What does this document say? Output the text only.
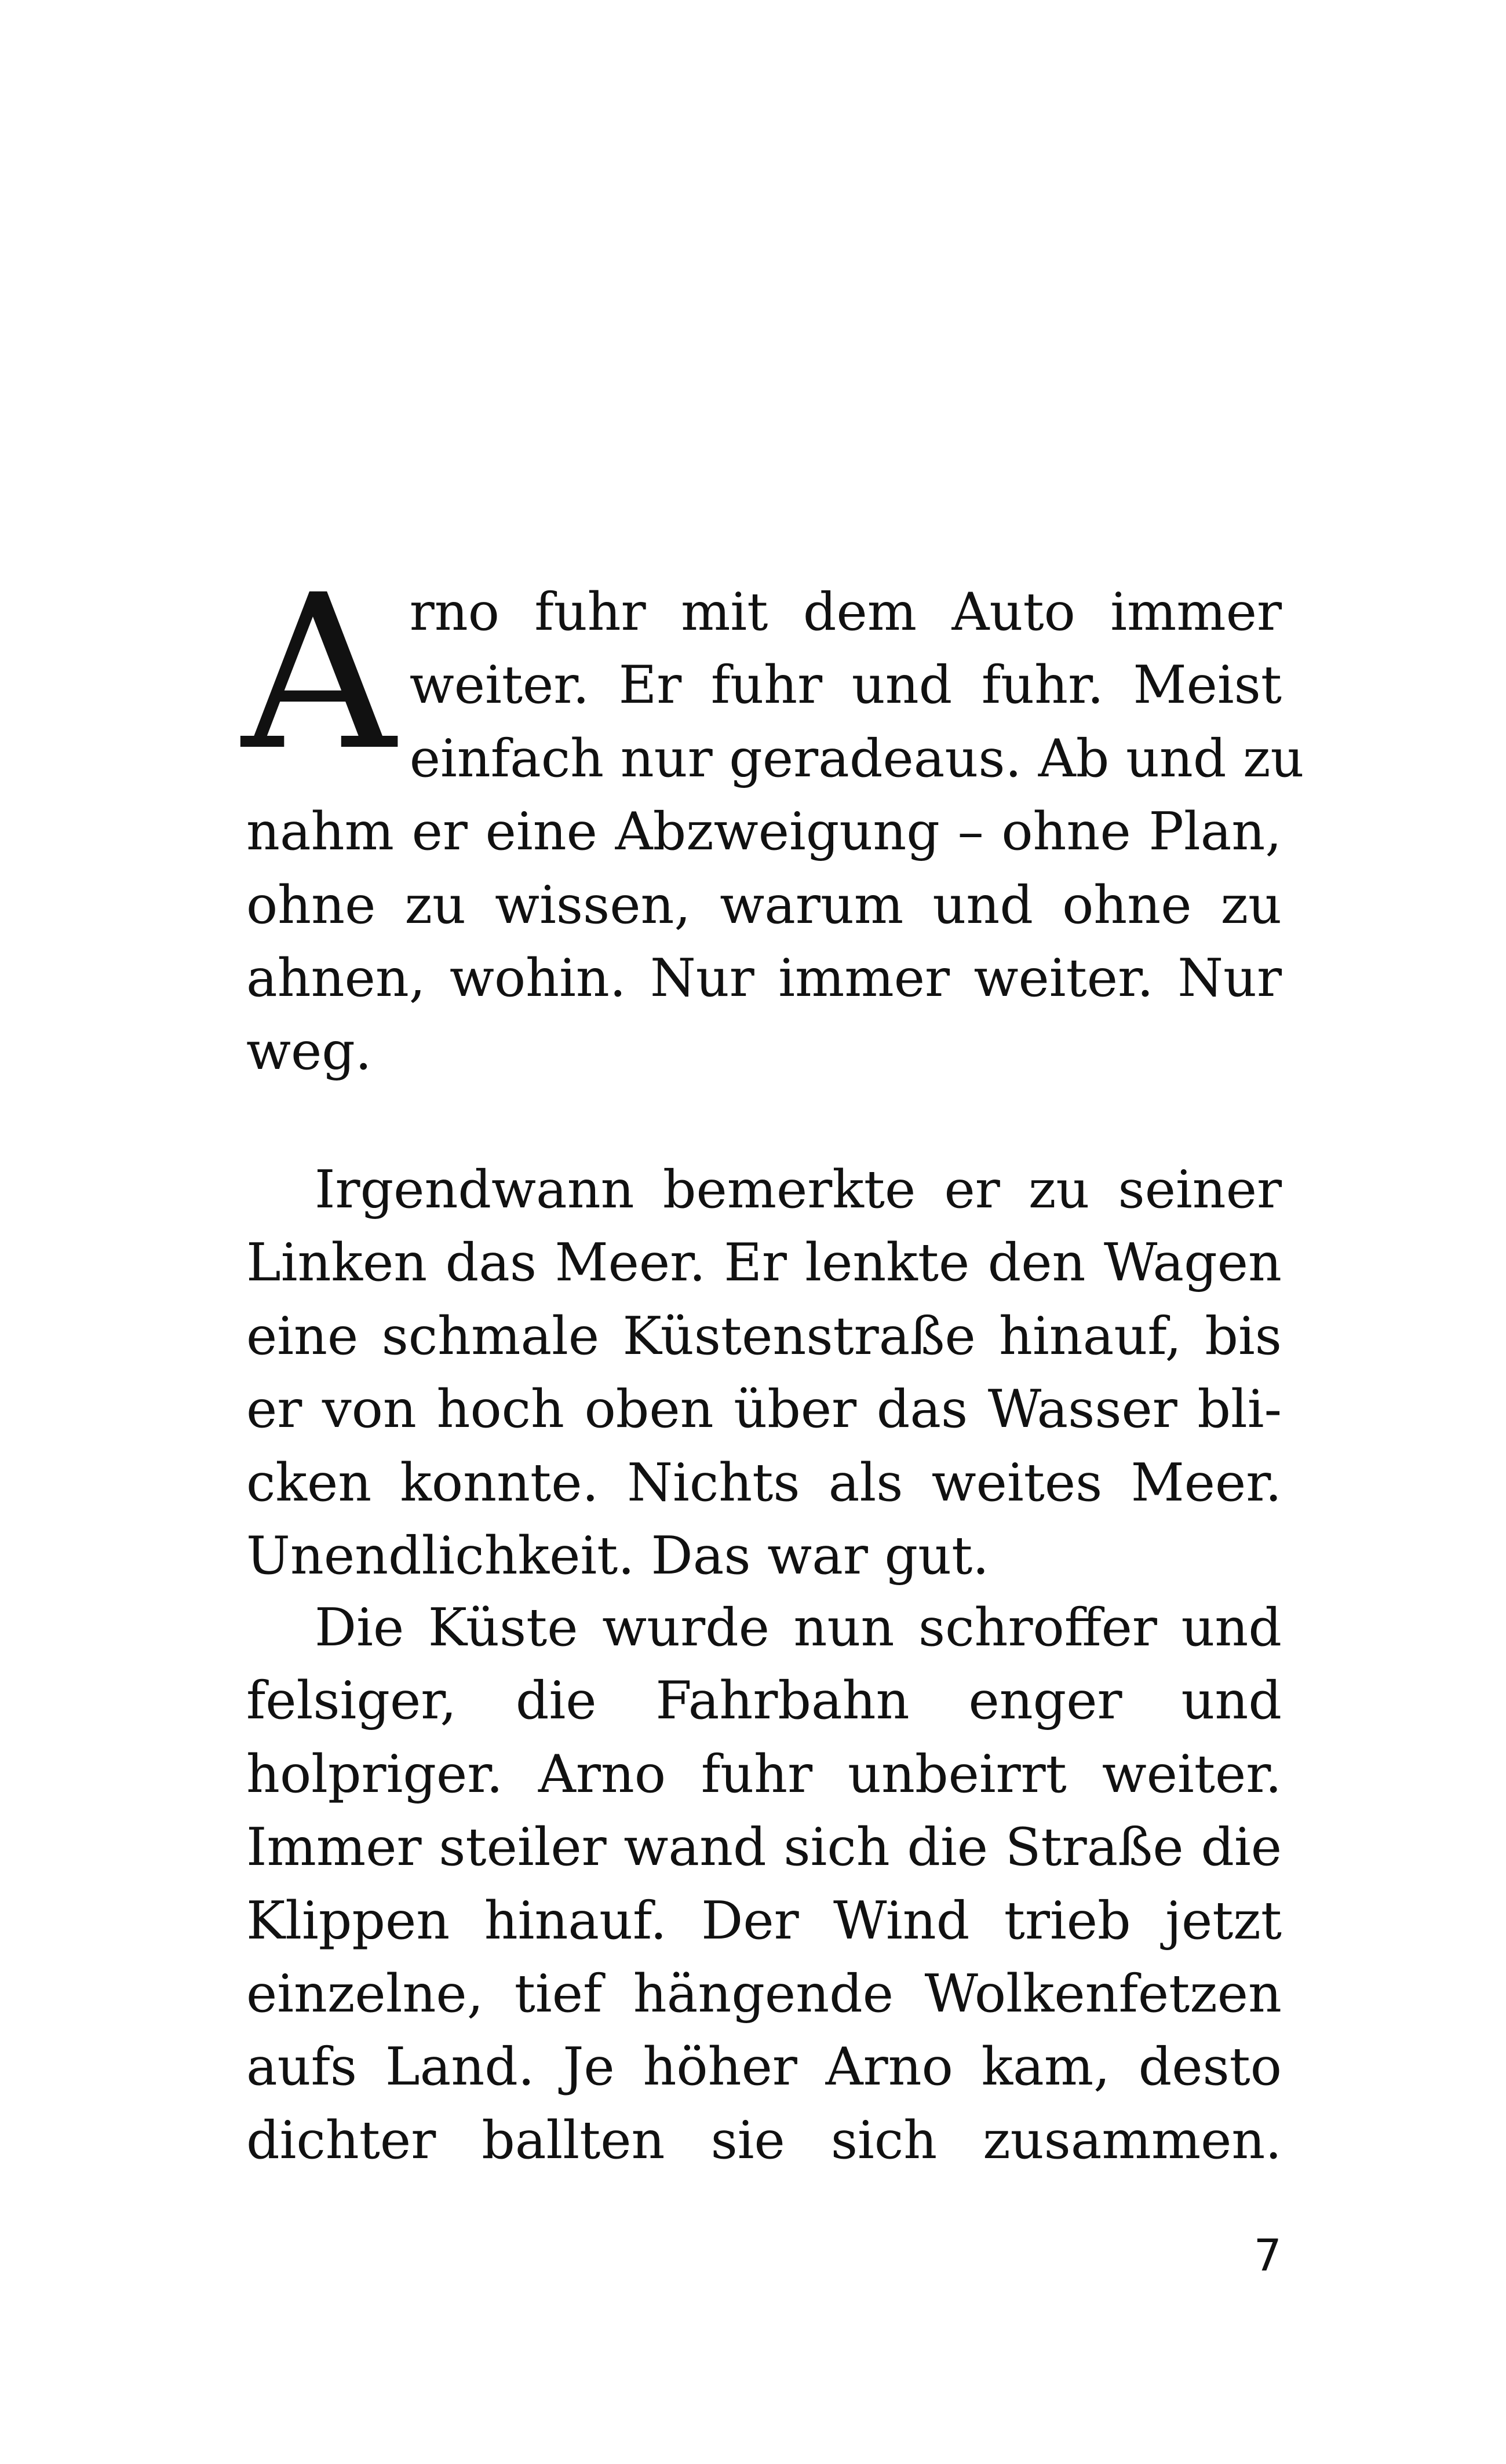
A rno fuhr mit dem Auto immer
weiter. Er fuhr und fuhr. Meist
einfach nur geradeaus. Ab und zu
nahm er eine Abzweigung – ohne Plan,
ohne zu wissen, warum und ohne zu
ahnen, wohin. Nur immer weiter. Nur
weg.
Irgendwann bemerkte er zu seiner
Linken das Meer. Er lenkte den Wagen
eine schmale Küstenstraße hinauf, bis
er von hoch oben über das Wasser bli-
cken konnte. Nichts als weites Meer.
Unendlichkeit. Das war gut.
Die Küste wurde nun schroffer und
felsiger, die Fahrbahn enger und
holpriger. Arno fuhr unbeirrt weiter.
Immer steiler wand sich die Straße die
Klippen hinauf. Der Wind trieb jetzt
einzelne, tief hängende Wolkenfetzen
aufs Land. Je höher Arno kam, desto
dichter ballten sie sich zusammen.
7
